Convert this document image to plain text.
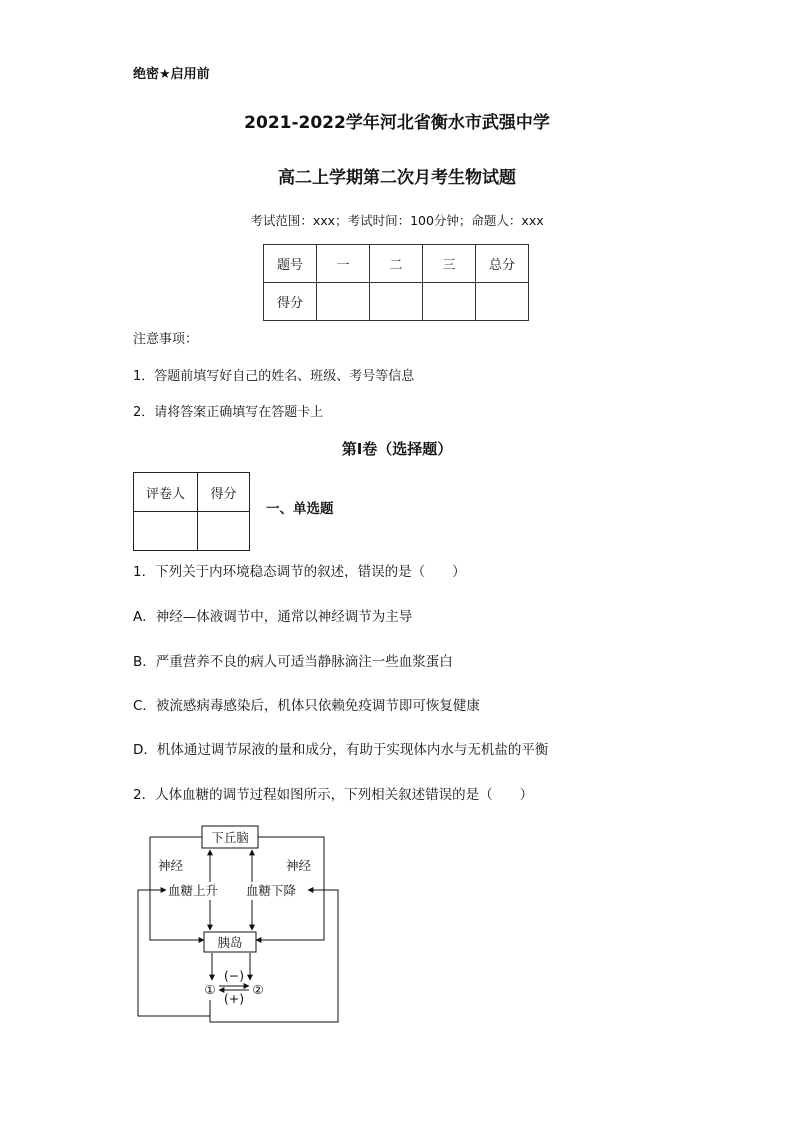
绝密★启用前
2021-2022学年河北省衡水市武强中学
高二上学期第二次月考生物试题
考试范围：xxx；考试时间：100分钟；命题人：xxx
题号	一	二	三	总分
得分				
注意事项：
1．答题前填写好自己的姓名、班级、考号等信息
2．请将答案正确填写在答题卡上
第I卷（选择题）
评卷人	得分

一、单选题
1．下列关于内环境稳态调节的叙述，错误的是（　　）
A．神经—体液调节中，通常以神经调节为主导
B．严重营养不良的病人可适当静脉滴注一些血浆蛋白
C．被流感病毒感染后，机体只依赖免疫调节即可恢复健康
D．机体通过调节尿液的量和成分，有助于实现体内水与无机盐的平衡
2．人体血糖的调节过程如图所示，下列相关叙述错误的是（　　）
下丘脑
胰岛
神经	神经
血糖上升 血糖下降
①	②
(−)
(+)
